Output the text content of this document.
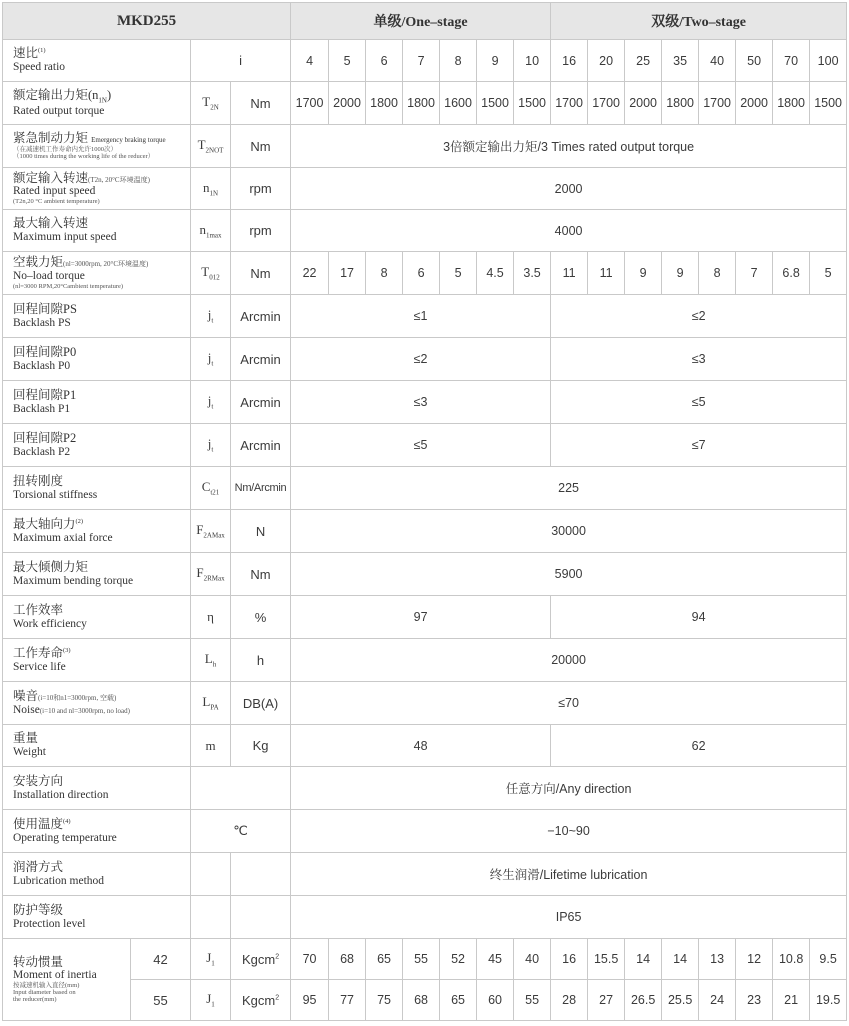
MKD255				单级/One–stage							双级/Two–stage							

速比$^{(1)}$
Speed ratio		i		4	5	6	7	8	9	10	16	20	25	35	40	50	70	100

额定输出力矩$(n_{1N})$
Rated output torque		$T_{2N}$	Nm	1700	2000	1800	1800	1600	1500	1500	1700	1700	2000	1800	1700	2000	1800	1500

紧急制动力矩 Emergency braking torque
（在减速机工作寿命内允许1000次）
（1000 times during the working life of the reducer）		$T_{2NOT}$	Nm	3倍额定输出力矩/3 Times rated output torque														

额定输入转速(T2n, 20°C环境温度)
Rated input speed
(T2n,20 °C ambient temperature)		$n_{1N}$	rpm	2000														

最大输入转速
Maximum input speed		$n_{1max}$	rpm	4000														

空载力矩(nl=3000rpm, 20°C环境温度)
No–load torque
(nl=3000 RPM,20°Cambient temperature)		$T_{012}$	Nm	22	17	8	6	5	4.5	3.5	11	11	9	9	8	7	6.8	5

回程间隙PS
Backlash PS		$j_t$	Arcmin	≤1							≤2							

回程间隙P0
Backlash P0		$j_t$	Arcmin	≤2							≤3							

回程间隙P1
Backlash P1		$j_t$	Arcmin	≤3							≤5							

回程间隙P2
Backlash P2		$j_t$	Arcmin	≤5							≤7							

扭转刚度
Torsional stiffness		$C_{t21}$	Nm/Arcmin	225														

最大轴向力$^{(2)}$
Maximum axial force		$F_{2AMax}$	N	30000														

最大倾侧力矩
Maximum bending torque		$F_{2RMax}$	Nm	5900														

工作效率
Work efficiency		η	%	97							94							

工作寿命$^{(3)}$
Service life		$L_h$	h	20000														

噪音(i=10和n1=3000rpm, 空载)
Noise(i=10 and nl=3000rpm, no load)		$L_{PA}$	DB(A)	≤70														

重量
Weight		m	Kg	48							62							

安装方向
Installation direction				任意方向/Any direction														

使用温度$^{(4)}$
Operating temperature		℃		−10~90														

润滑方式
Lubrication method				终生润滑/Lifetime lubrication														

防护等级
Protection level				IP65														

转动惯量
Moment of inertia
按减速机输入直径(mm)
Input diameter based on
the reducer(mm)	42	$J_1$	Kgcm$^2$	70	68	65	55	52	45	40	16	15.5	14	14	13	12	10.8	9.5
	55	$J_1$	Kgcm$^2$	95	77	75	68	65	60	55	28	27	26.5	25.5	24	23	21	19.5
